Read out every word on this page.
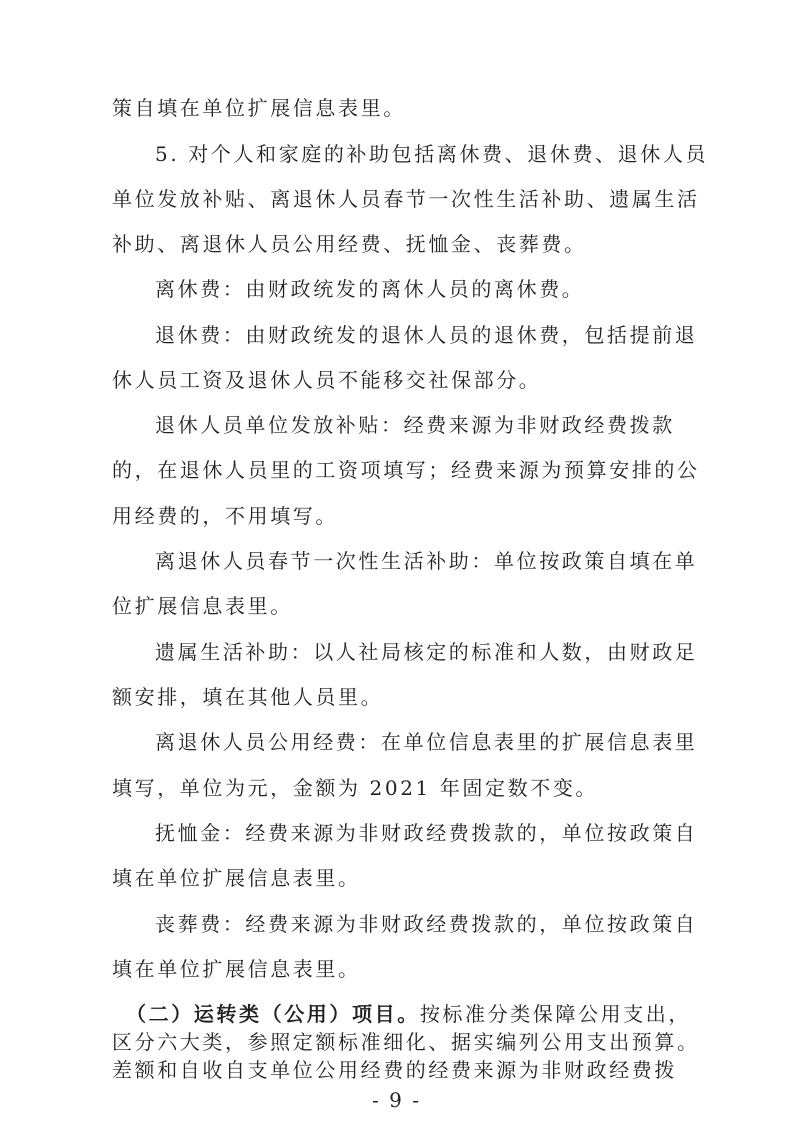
策自填在单位扩展信息表里。
5. 对个人和家庭的补助包括离休费、退休费、退休人员
单位发放补贴、离退休人员春节一次性生活补助、遗属生活
补助、离退休人员公用经费、抚恤金、丧葬费。
离休费：由财政统发的离休人员的离休费。
退休费：由财政统发的退休人员的退休费，包括提前退
休人员工资及退休人员不能移交社保部分。
退休人员单位发放补贴：经费来源为非财政经费拨款
的，在退休人员里的工资项填写；经费来源为预算安排的公
用经费的，不用填写。
离退休人员春节一次性生活补助：单位按政策自填在单
位扩展信息表里。
遗属生活补助：以人社局核定的标准和人数，由财政足
额安排，填在其他人员里。
离退休人员公用经费：在单位信息表里的扩展信息表里
填写，单位为元，金额为 2021 年固定数不变。
抚恤金：经费来源为非财政经费拨款的，单位按政策自
填在单位扩展信息表里。
丧葬费：经费来源为非财政经费拨款的，单位按政策自
填在单位扩展信息表里。
（二）运转类（公用）项目。按标准分类保障公用支出，
- 9 -
区分六大类，参照定额标准细化、据实编列公用支出预算。
差额和自收自支单位公用经费的经费来源为非财政经费拨
